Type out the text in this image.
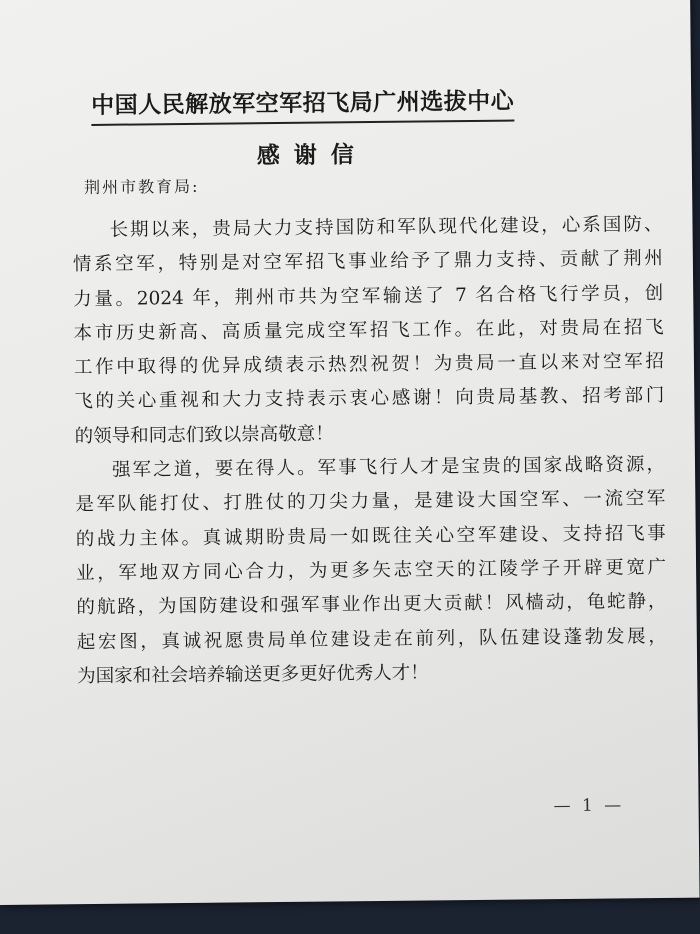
中国人民解放军空军招飞局广州选拔中心
感谢信
荆州市教育局:
长期以来，贵局大力支持国防和军队现代化建设，心系国防、
情系空军，特别是对空军招飞事业给予了鼎力支持、贡献了荆州
力量。2024 年，荆州市共为空军输送了 7 名合格飞行学员，创
本市历史新高、高质量完成空军招飞工作。在此，对贵局在招飞
工作中取得的优异成绩表示热烈祝贺！为贵局一直以来对空军招
飞的关心重视和大力支持表示衷心感谢！向贵局基教、招考部门
的领导和同志们致以崇高敬意！
强军之道，要在得人。军事飞行人才是宝贵的国家战略资源，
是军队能打仗、打胜仗的刀尖力量，是建设大国空军、一流空军
的战力主体。真诚期盼贵局一如既往关心空军建设、支持招飞事
业，军地双方同心合力，为更多矢志空天的江陵学子开辟更宽广
的航路，为国防建设和强军事业作出更大贡献！风樯动，龟蛇静，
起宏图，真诚祝愿贵局单位建设走在前列，队伍建设蓬勃发展，
为国家和社会培养输送更多更好优秀人才！
— 1 —
